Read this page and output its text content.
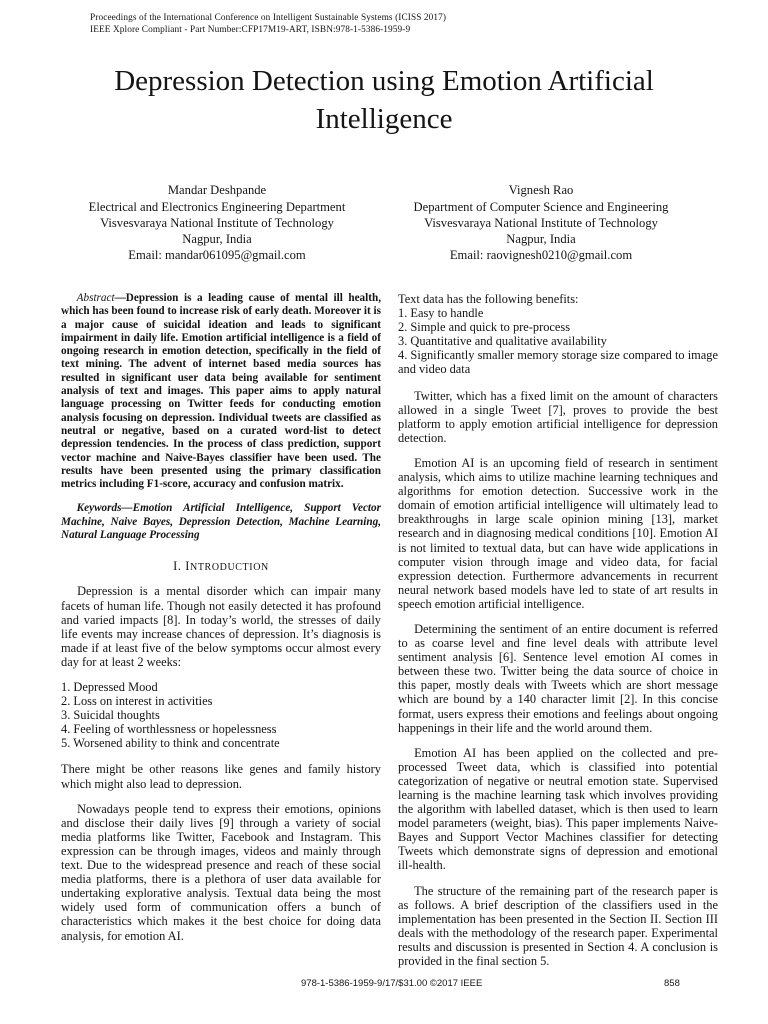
Proceedings of the International Conference on Intelligent Sustainable Systems (ICISS 2017)
IEEE Xplore Compliant - Part Number:CFP17M19-ART, ISBN:978-1-5386-1959-9
Depression Detection using Emotion Artificial
Intelligence
Mandar Deshpande
Electrical and Electronics Engineering Department
Visvesvaraya National Institute of Technology
Nagpur, India
Email: mandar061095@gmail.com
Vignesh Rao
Department of Computer Science and Engineering
Visvesvaraya National Institute of Technology
Nagpur, India
Email: raovignesh0210@gmail.com

Abstract—Depression is a leading cause of mental ill health, which has been found to increase risk of early death. Moreover it is a major cause of suicidal ideation and leads to significant impairment in daily life. Emotion artificial intelligence is a field of ongoing research in emotion detection, specifically in the field of text mining. The advent of internet based media sources has resulted in significant user data being available for sentiment analysis of text and images. This paper aims to apply natural language processing on Twitter feeds for conducting emotion analysis focusing on depression. Individual tweets are classified as neutral or negative, based on a curated word-list to detect depression tendencies. In the process of class prediction, support vector machine and Naive-Bayes classifier have been used. The results have been presented using the primary classification metrics including F1-score, accuracy and confusion matrix.

Keywords—Emotion Artificial Intelligence, Support Vector Machine, Naive Bayes, Depression Detection, Machine Learning, Natural Language Processing

I. INTRODUCTION

Depression is a mental disorder which can impair many facets of human life. Though not easily detected it has profound and varied impacts [8]. In today’s world, the stresses of daily life events may increase chances of depression. It’s diagnosis is made if at least five of the below symptoms occur almost every day for at least 2 weeks:

1. Depressed Mood
2. Loss on interest in activities
3. Suicidal thoughts
4. Feeling of worthlessness or hopelessness
5. Worsened ability to think and concentrate

There might be other reasons like genes and family history which might also lead to depression.

Nowadays people tend to express their emotions, opinions and disclose their daily lives [9] through a variety of social media platforms like Twitter, Facebook and Instagram. This expression can be through images, videos and mainly through text. Due to the widespread presence and reach of these social media platforms, there is a plethora of user data available for undertaking explorative analysis. Textual data being the most widely used form of communication offers a bunch of characteristics which makes it the best choice for doing data analysis, for emotion AI.

Text data has the following benefits:
1. Easy to handle
2. Simple and quick to pre-process
3. Quantitative and qualitative availability
4. Significantly smaller memory storage size compared to image and video data

Twitter, which has a fixed limit on the amount of characters allowed in a single Tweet [7], proves to provide the best platform to apply emotion artificial intelligence for depression detection.

Emotion AI is an upcoming field of research in sentiment analysis, which aims to utilize machine learning techniques and algorithms for emotion detection. Successive work in the domain of emotion artificial intelligence will ultimately lead to breakthroughs in large scale opinion mining [13], market research and in diagnosing medical conditions [10]. Emotion AI is not limited to textual data, but can have wide applications in computer vision through image and video data, for facial expression detection. Furthermore advancements in recurrent neural network based models have led to state of art results in speech emotion artificial intelligence.

Determining the sentiment of an entire document is referred to as coarse level and fine level deals with attribute level sentiment analysis [6]. Sentence level emotion AI comes in between these two. Twitter being the data source of choice in this paper, mostly deals with Tweets which are short message which are bound by a 140 character limit [2]. In this concise format, users express their emotions and feelings about ongoing happenings in their life and the world around them.

Emotion AI has been applied on the collected and pre-processed Tweet data, which is classified into potential categorization of negative or neutral emotion state. Supervised learning is the machine learning task which involves providing the algorithm with labelled dataset, which is then used to learn model parameters (weight, bias). This paper implements Naive-Bayes and Support Vector Machines classifier for detecting Tweets which demonstrate signs of depression and emotional ill-health.

The structure of the remaining part of the research paper is as follows. A brief description of the classifiers used in the implementation has been presented in the Section II. Section III deals with the methodology of the research paper. Experimental results and discussion is presented in Section 4. A conclusion is provided in the final section 5.

978-1-5386-1959-9/17/$31.00 ©2017 IEEE	858
